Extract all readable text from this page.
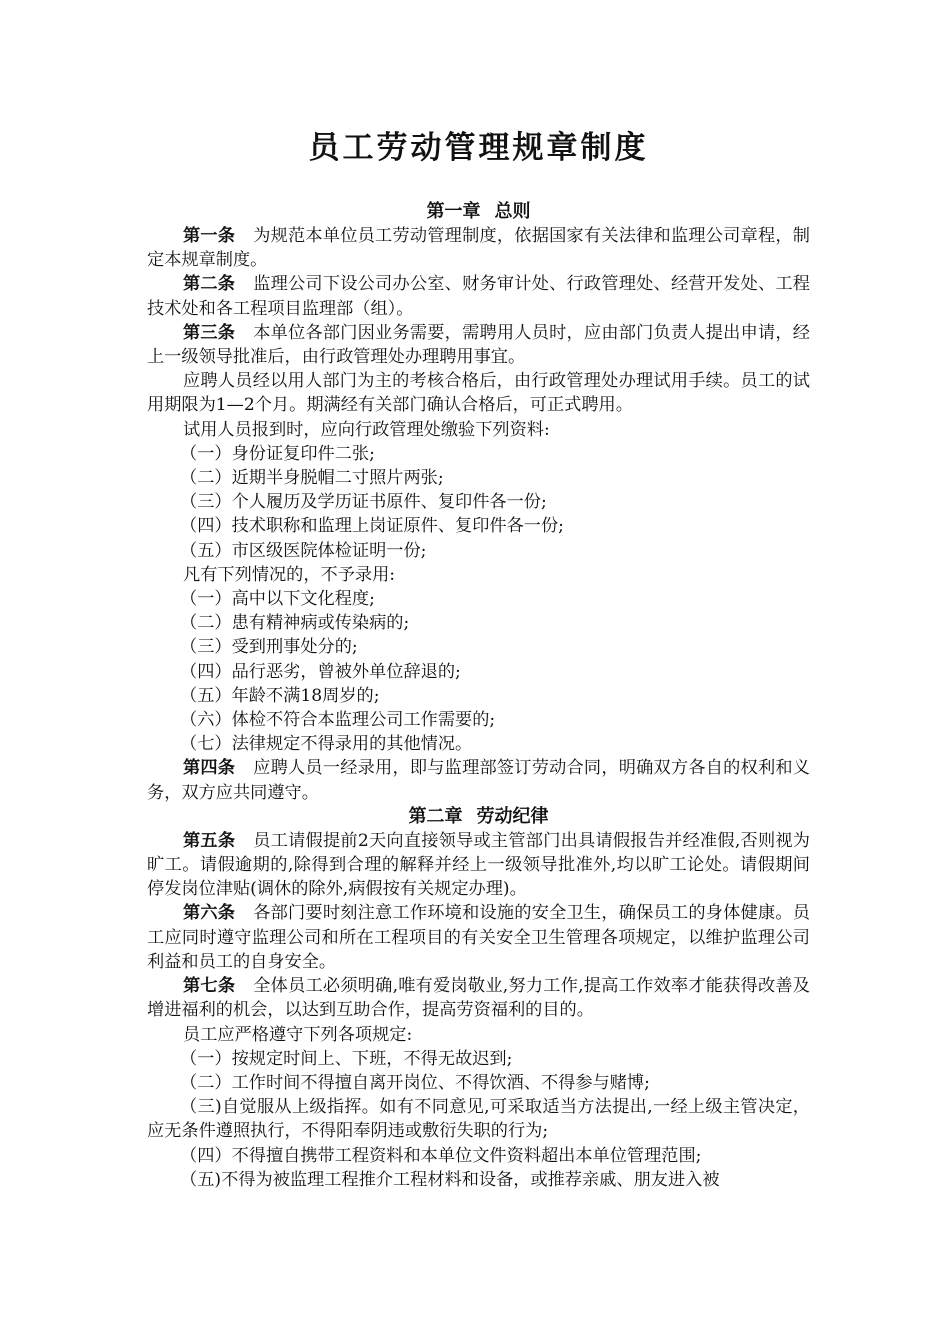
员工劳动管理规章制度
第一章 总则

第一条 为规范本单位员工劳动管理制度，依据国家有关法律和监理公司章程，制定本规章制度。

第二条 监理公司下设公司办公室、财务审计处、行政管理处、经营开发处、工程技术处和各工程项目监理部（组）。

第三条 本单位各部门因业务需要，需聘用人员时，应由部门负责人提出申请，经上一级领导批准后，由行政管理处办理聘用事宜。

应聘人员经以用人部门为主的考核合格后，由行政管理处办理试用手续。员工的试用期限为1—2个月。期满经有关部门确认合格后，可正式聘用。

试用人员报到时，应向行政管理处缴验下列资料:

（一）身份证复印件二张;

（二）近期半身脱帽二寸照片两张;

（三）个人履历及学历证书原件、复印件各一份;

（四）技术职称和监理上岗证原件、复印件各一份;

（五）市区级医院体检证明一份;

凡有下列情况的，不予录用:

（一）高中以下文化程度;

（二）患有精神病或传染病的;

（三）受到刑事处分的;

（四）品行恶劣，曾被外单位辞退的;

（五）年龄不满18周岁的;

（六）体检不符合本监理公司工作需要的;

（七）法律规定不得录用的其他情况。

第四条 应聘人员一经录用，即与监理部签订劳动合同，明确双方各自的权利和义务，双方应共同遵守。

第二章 劳动纪律

第五条 员工请假提前2天向直接领导或主管部门出具请假报告并经准假,否则视为旷工。请假逾期的,除得到合理的解释并经上一级领导批准外,均以旷工论处。请假期间停发岗位津贴(调休的除外,病假按有关规定办理)。

第六条 各部门要时刻注意工作环境和设施的安全卫生，确保员工的身体健康。员工应同时遵守监理公司和所在工程项目的有关安全卫生管理各项规定，以维护监理公司利益和员工的自身安全。

第七条 全体员工必须明确,唯有爱岗敬业,努力工作,提高工作效率才能获得改善及增进福利的机会，以达到互助合作，提高劳资福利的目的。

员工应严格遵守下列各项规定:

（一）按规定时间上、下班，不得无故迟到;

（二）工作时间不得擅自离开岗位、不得饮酒、不得参与赌博;

（三)自觉服从上级指挥。如有不同意见,可采取适当方法提出,一经上级主管决定，应无条件遵照执行，不得阳奉阴违或敷衍失职的行为;

（四）不得擅自携带工程资料和本单位文件资料超出本单位管理范围;

（五)不得为被监理工程推介工程材料和设备，或推荐亲戚、朋友进入被
